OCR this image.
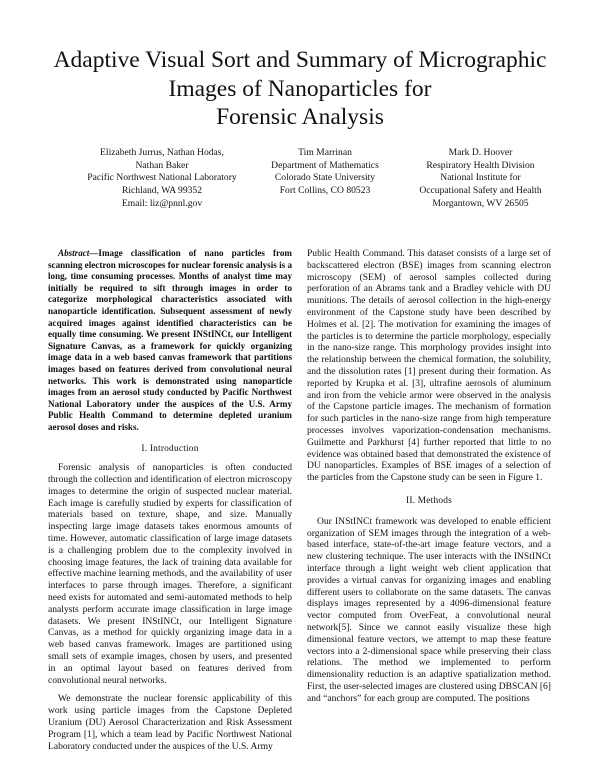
Adaptive Visual Sort and Summary of Micrographic
Images of Nanoparticles for
Forensic Analysis
Elizabeth Jurrus, Nathan Hodas,
Nathan Baker
Pacific Northwest National Laboratory
Richland, WA 99352
Email: liz@pnnl.gov
Tim Marrinan
Department of Mathematics
Colorado State University
Fort Collins, CO 80523
Mark D. Hoover
Respiratory Health Division
National Institute for
Occupational Safety and Health
Morgantown, WV 26505

Abstract—Image classification of nano particles from scanning electron microscopes for nuclear forensic analysis is a long, time consuming processes. Months of analyst time may initially be required to sift through images in order to categorize morphological characteristics associated with nanoparticle identification. Subsequent assessment of newly acquired images against identified characteristics can be equally time consuming. We present INStINCt, our Intelligent Signature Canvas, as a framework for quickly organizing image data in a web based canvas framework that partitions images based on features derived from convolutional neural networks. This work is demonstrated using nanoparticle images from an aerosol study conducted by Pacific Northwest National Laboratory under the auspices of the U.S. Army Public Health Command to determine depleted uranium aerosol doses and risks.

I. Introduction

Forensic analysis of nanoparticles is often conducted through the collection and identification of electron microscopy images to determine the origin of suspected nuclear material. Each image is carefully studied by experts for classification of materials based on texture, shape, and size. Manually inspecting large image datasets takes enormous amounts of time. However, automatic classification of large image datasets is a challenging problem due to the complexity involved in choosing image features, the lack of training data available for effective machine learning methods, and the availability of user interfaces to parse through images. Therefore, a significant need exists for automated and semi-automated methods to help analysts perform accurate image classification in large image datasets. We present INStINCt, our Intelligent Signature Canvas, as a method for quickly organizing image data in a web based canvas framework. Images are partitioned using small sets of example images, chosen by users, and presented in an optimal layout based on features derived from convolutional neural networks.

We demonstrate the nuclear forensic applicability of this work using particle images from the Capstone Depleted Uranium (DU) Aerosol Characterization and Risk Assessment Program [1], which a team lead by Pacific Northwest National Laboratory conducted under the auspices of the U.S. Army

Public Health Command. This dataset consists of a large set of backscattered electron (BSE) images from scanning electron microscopy (SEM) of aerosol samples collected during perforation of an Abrams tank and a Bradley vehicle with DU munitions. The details of aerosol collection in the high-energy environment of the Capstone study have been described by Holmes et al. [2]. The motivation for examining the images of the particles is to determine the particle morphology, especially in the nano-size range. This morphology provides insight into the relationship between the chemical formation, the solubility, and the dissolution rates [1] present during their formation. As reported by Krupka et al. [3], ultrafine aerosols of aluminum and iron from the vehicle armor were observed in the analysis of the Capstone particle images. The mechanism of formation for such particles in the nano-size range from high temperature processes involves vaporization-condensation mechanisms. Guilmette and Parkhurst [4] further reported that little to no evidence was obtained based that demonstrated the existence of DU nanoparticles. Examples of BSE images of a selection of the particles from the Capstone study can be seen in Figure 1.

II. Methods

Our INStINCt framework was developed to enable efficient organization of SEM images through the integration of a web-based interface, state-of-the-art image feature vectors, and a new clustering technique. The user interacts with the INStINCt interface through a light weight web client application that provides a virtual canvas for organizing images and enabling different users to collaborate on the same datasets. The canvas displays images represented by a 4096-dimensional feature vector computed from OverFeat, a convolutional neural network[5]. Since we cannot easily visualize these high dimensional feature vectors, we attempt to map these feature vectors into a 2-dimensional space while preserving their class relations. The method we implemented to perform dimensionality reduction is an adaptive spatialization method. First, the user-selected images are clustered using DBSCAN [6] and “anchors” for each group are computed. The positions
